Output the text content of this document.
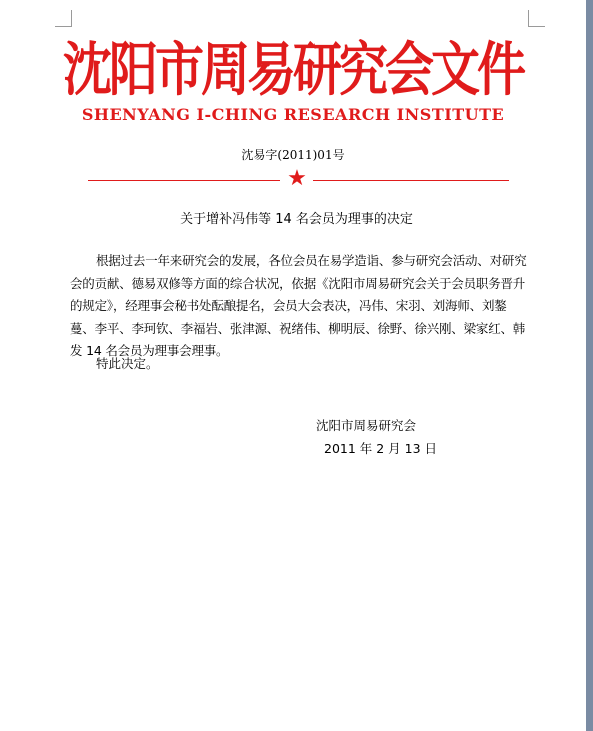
沈阳市周易研究会文件
SHENYANG I-CHING RESEARCH INSTITUTE
沈易字(2011)01号
★
关于增补冯伟等 14 名会员为理事的决定

根据过去一年来研究会的发展，各位会员在易学造诣、参与研究会活动、对研究会的贡献、德易双修等方面的综合状况，依据《沈阳市周易研究会关于会员职务晋升的规定》，经理事会秘书处酝酿提名，会员大会表决，冯伟、宋羽、刘海师、刘鏊蔓、李平、李珂钦、李福岩、张津源、祝绪伟、柳明辰、徐野、徐兴刚、梁家红、韩发 14 名会员为理事会理事。

特此决定。
沈阳市周易研究会
2011 年 2 月 13 日
